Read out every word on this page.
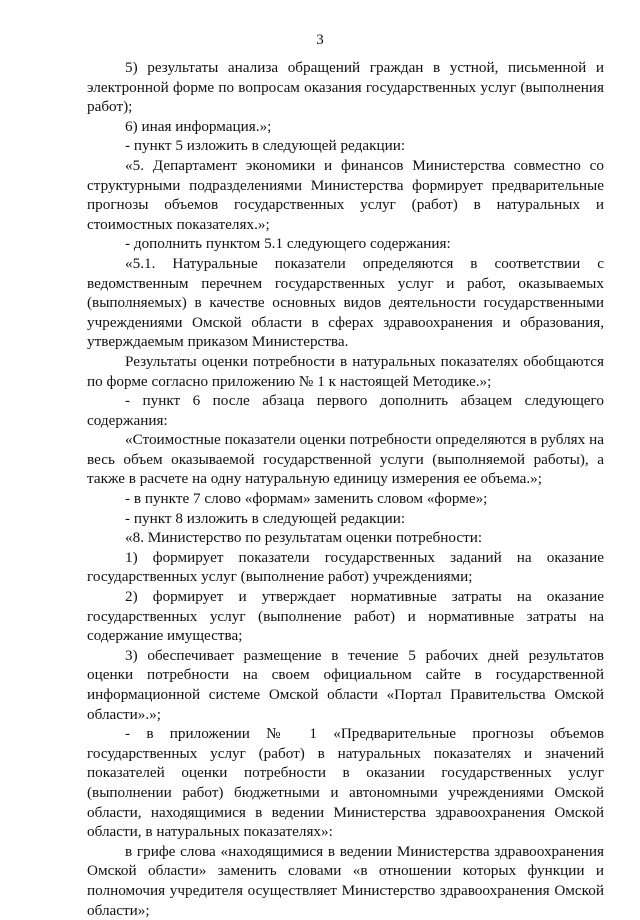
3

5) результаты анализа обращений граждан в устной, письменной и электронной форме по вопросам оказания государственных услуг (выполнения работ);

6) иная информация.»;

- пункт 5 изложить в следующей редакции:

«5. Департамент экономики и финансов Министерства совместно со структурными подразделениями Министерства формирует предварительные прогнозы объемов государственных услуг (работ) в натуральных и стоимостных показателях.»;

- дополнить пунктом 5.1 следующего содержания:

«5.1. Натуральные показатели определяются в соответствии с ведомственным перечнем государственных услуг и работ, оказываемых (выполняемых) в качестве основных видов деятельности государственными учреждениями Омской области в сферах здравоохранения и образования, утверждаемым приказом Министерства.

Результаты оценки потребности в натуральных показателях обобщаются по форме согласно приложению № 1 к настоящей Методике.»;

- пункт 6 после абзаца первого дополнить абзацем следующего содержания:

«Стоимостные показатели оценки потребности определяются в рублях на весь объем оказываемой государственной услуги (выполняемой работы), а также в расчете на одну натуральную единицу измерения ее объема.»;

- в пункте 7 слово «формам» заменить словом «форме»;

- пункт 8 изложить в следующей редакции:

«8. Министерство по результатам оценки потребности:

1) формирует показатели государственных заданий на оказание государственных услуг (выполнение работ) учреждениями;

2) формирует и утверждает нормативные затраты на оказание государственных услуг (выполнение работ) и нормативные затраты на содержание имущества;

3) обеспечивает размещение в течение 5 рабочих дней результатов оценки потребности на своем официальном сайте в государственной информационной системе Омской области «Портал Правительства Омской области».»;

- в приложении № 1 «Предварительные прогнозы объемов государственных услуг (работ) в натуральных показателях и значений показателей оценки потребности в оказании государственных услуг (выполнении работ) бюджетными и автономными учреждениями Омской области, находящимися в ведении Министерства здравоохранения Омской области, в натуральных показателях»:

в грифе слова «находящимися в ведении Министерства здравоохранения Омской области» заменить словами «в отношении которых функции и полномочия учредителя осуществляет Министерство здравоохранения Омской области»;
